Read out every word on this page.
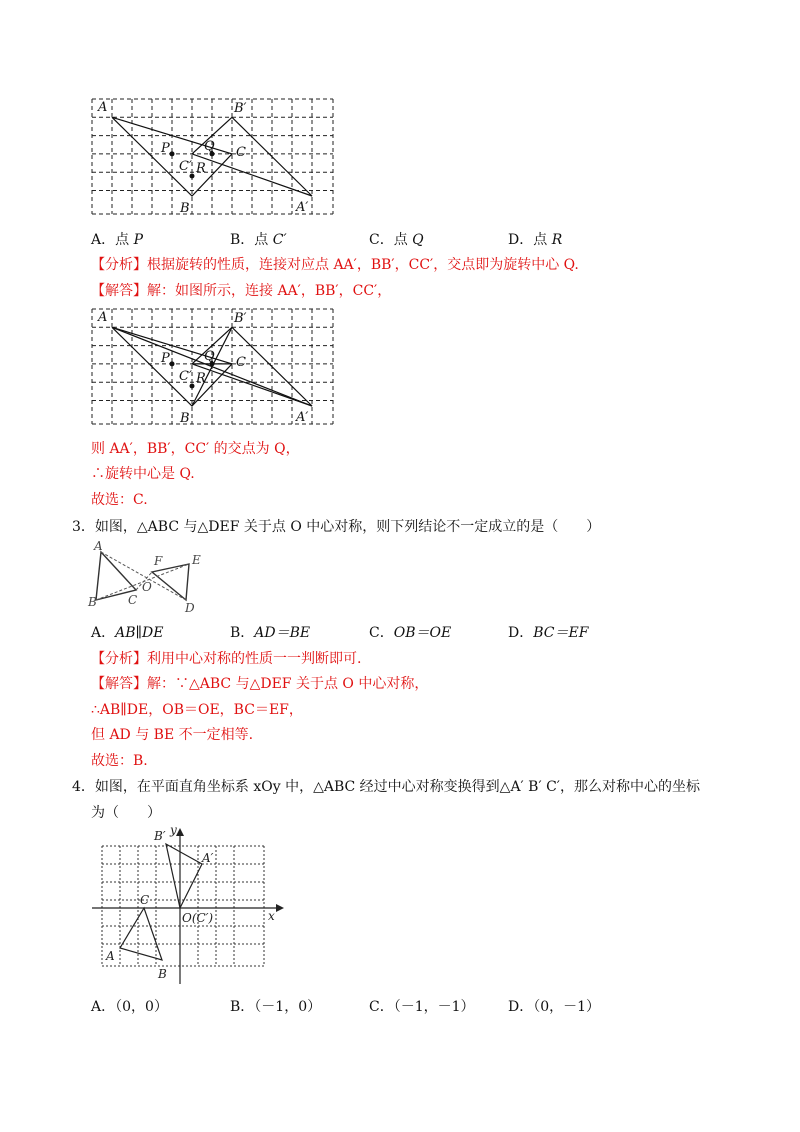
A	B′
P	Q C
C′ R
B	A′
A．点 P	B．点 C′	C．点 Q	D．点 R
【分析】根据旋转的性质，连接对应点 AA′，BB′，CC′，交点即为旋转中心 Q.
【解答】解：如图所示，连接 AA′，BB′，CC′，
A	B′
P	Q C
C′ R
B	A′
则 AA′，BB′，CC′ 的交点为 Q，
∴旋转中心是 Q.
故选：C.
3．如图，△ABC 与△DEF 关于点 O 中心对称，则下列结论不一定成立的是（　　）
A
B	C
O
F E
D
A．AB∥DE	B．AD＝BE	C．OB＝OE	D．BC＝EF
【分析】利用中心对称的性质一一判断即可.
【解答】解：∵△ABC 与△DEF 关于点 O 中心对称，
∴AB∥DE，OB＝OE，BC＝EF，
但 AD 与 BE 不一定相等.
故选：B.
4．如图，在平面直角坐标系 xOy 中，△ABC 经过中心对称变换得到△A′ B′ C′，那么对称中心的坐标
为（　　）
B′ y
A′
C
O(C′)	x
A
B
A．（0，0）	B．（－1，0）	C．（－1，－1） D．（0，－1）
